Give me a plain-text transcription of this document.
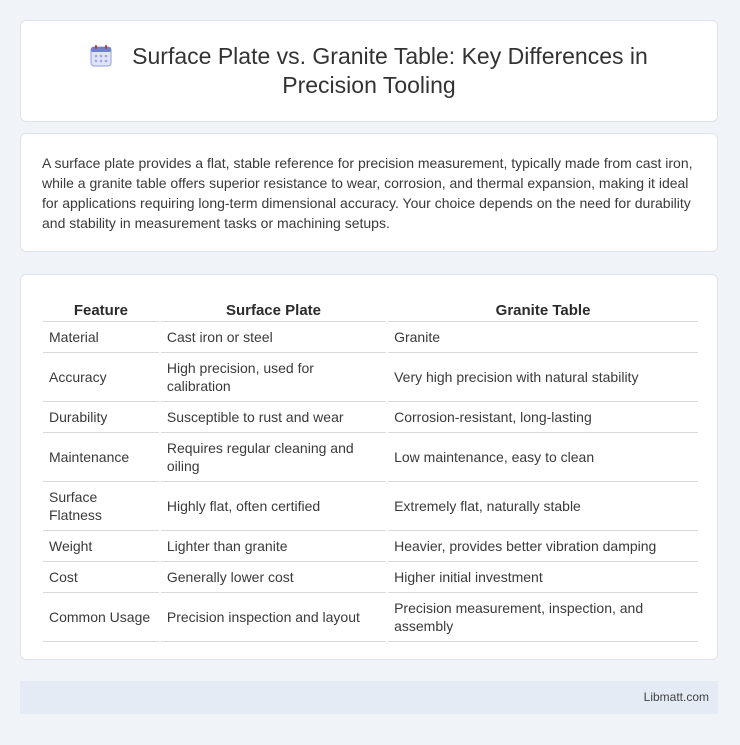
Surface Plate vs. Granite Table: Key Differences in Precision Tooling

A surface plate provides a flat, stable reference for precision measurement, typically made from cast iron, while a granite table offers superior resistance to wear, corrosion, and thermal expansion, making it ideal for applications requiring long-term dimensional accuracy. Your choice depends on the need for durability and stability in measurement tasks or machining setups.

Feature	Surface Plate	Granite Table
Material	Cast iron or steel	Granite
Accuracy	High precision, used for calibration	Very high precision with natural stability
Durability	Susceptible to rust and wear	Corrosion-resistant, long-lasting
Maintenance	Requires regular cleaning and oiling	Low maintenance, easy to clean
Surface Flatness	Highly flat, often certified	Extremely flat, naturally stable
Weight	Lighter than granite	Heavier, provides better vibration damping
Cost	Generally lower cost	Higher initial investment
Common Usage	Precision inspection and layout	Precision measurement, inspection, and assembly
Libmatt.com
